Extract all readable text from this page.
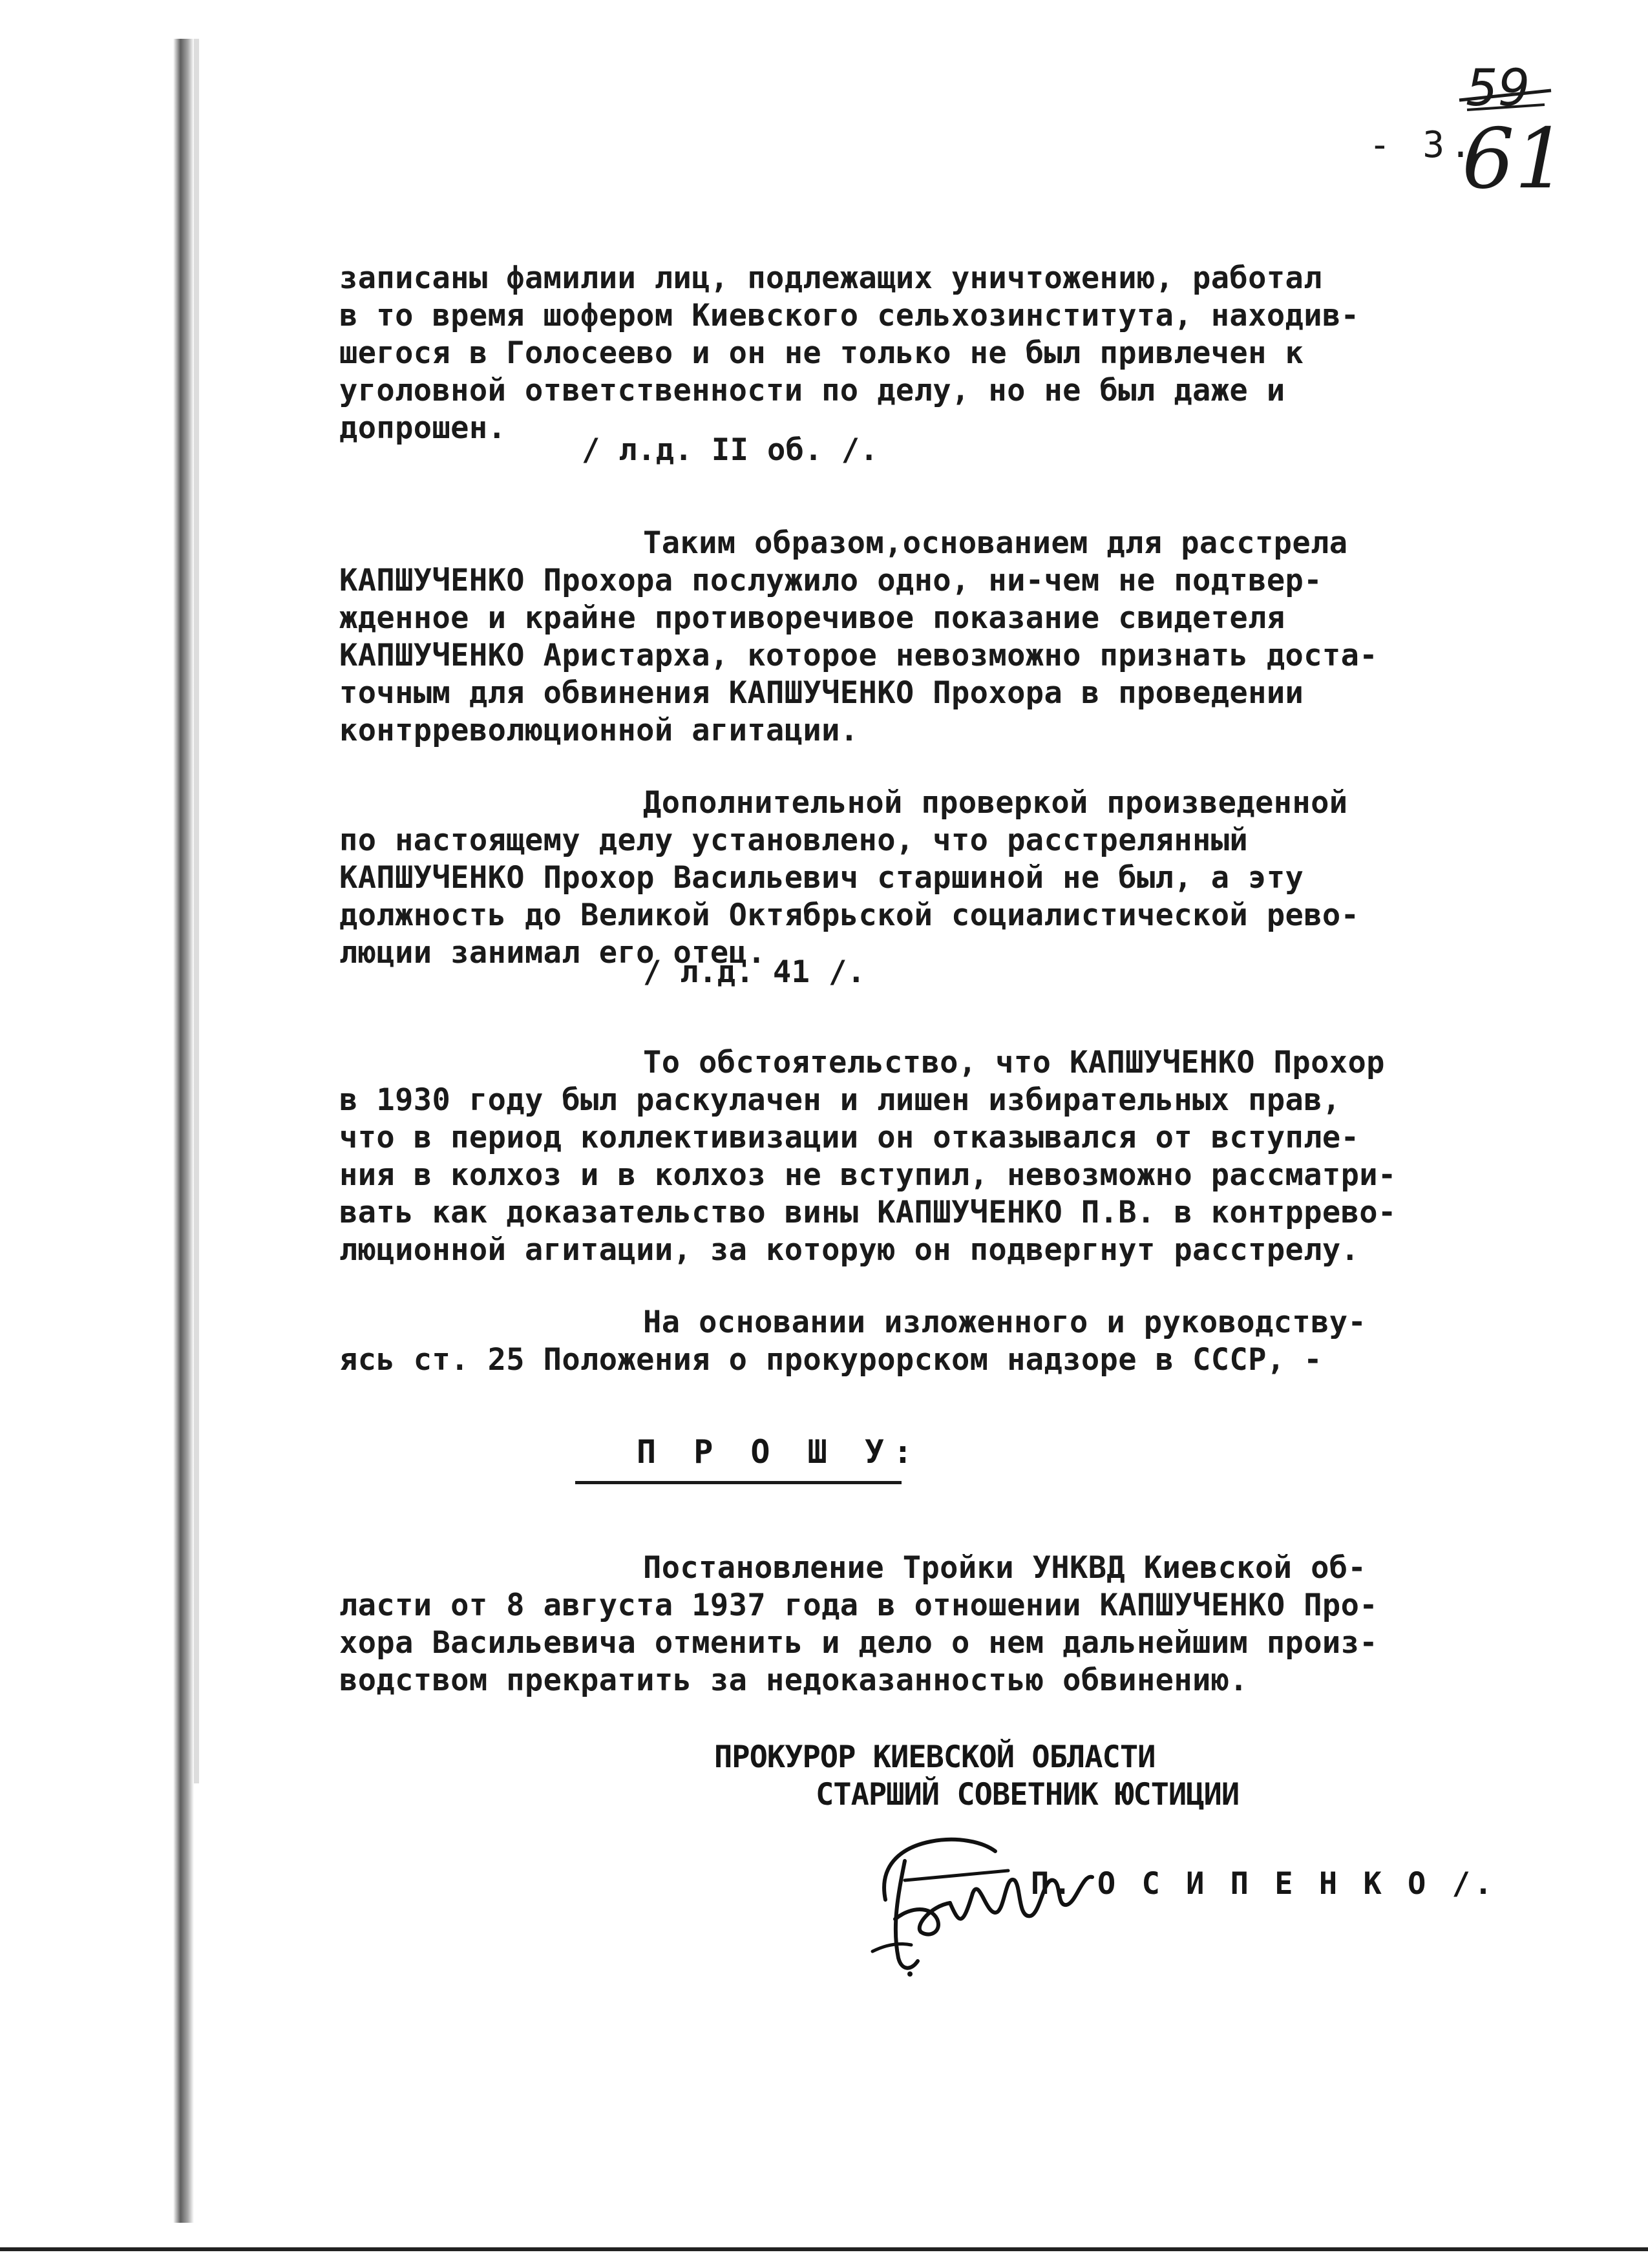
- 3.
59
61
записаны фамилии лиц, подлежащих уничтожению, работал
в то время шофером Киевского сельхозинститута, находив-
шегося в Голосеево и он не только не был привлечен к
уголовной ответственности по делу, но не был даже и
допрошен.
/ л.д. II об. /.
Таким образом,основанием для расстрела
КАПШУЧЕНКО Прохора послужило одно, ни-чем не подтвер-
жденное и крайне противоречивое показание свидетеля
КАПШУЧЕНКО Аристарха, которое невозможно признать доста-
точным для обвинения КАПШУЧЕНКО Прохора в проведении
контрреволюционной агитации.
Дополнительной проверкой произведенной
по настоящему делу установлено, что расстрелянный
КАПШУЧЕНКО Прохор Васильевич старшиной не был, а эту
должность до Великой Октябрьской социалистической рево-
люции занимал его отец.
/ л.д. 41 /.
То обстоятельство, что КАПШУЧЕНКО Прохор
в 1930 году был раскулачен и лишен избирательных прав,
что в период коллективизации он отказывался от вступле-
ния в колхоз и в колхоз не вступил, невозможно рассматри-
вать как доказательство вины КАПШУЧЕНКО П.В. в контррево-
люционной агитации, за которую он подвергнут расстрелу.
На основании изложенного и руководству-
ясь ст. 25 Положения о прокурорском надзоре в СССР, -
П Р О Ш У:
Постановление Тройки УНКВД Киевской об-
ласти от 8 августа 1937 года в отношении КАПШУЧЕНКО Про-
хора Васильевича отменить и дело о нем дальнейшим произ-
водством прекратить за недоказанностью обвинению.
ПРОКУРОР КИЕВСКОЙ ОБЛАСТИ
СТАРШИЙ СОВЕТНИК ЮСТИЦИИ
П. О С И П Е Н К О /.
